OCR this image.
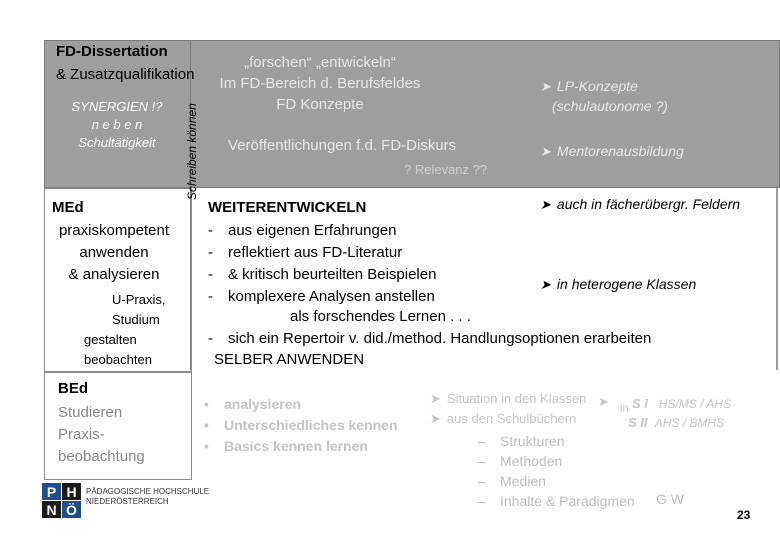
FD-Dissertation
& Zusatzqualifikation
SYNERGIEN !?
n e b e n
Schultätigkeit	Schreiben können
„forschen“ „entwickeln“
Im FD-Bereich d. Berufsfeldes
FD Konzepte
Veröffentlichungen f.d. FD-Diskurs
? Relevanz ??
➤ LP-Konzepte
(schulautonome ?)
➤ Mentorenausbildung
MEd
praxiskompetent
anwenden
& analysieren
U-Praxis,
Studium
gestalten
beobachten
WEITERENTWICKELN
- aus eigenen Erfahrungen
- reflektiert aus FD-Literatur
- & kritisch beurteilten Beispielen
- komplexere Analysen anstellen
als forschendes Lernen . . .
- sich ein Repertoir v. did./method. Handlungsoptionen erarbeiten
SELBER ANWENDEN
➤ auch in fächerübergr. Feldern
➤ in heterogene Klassen
BEd
Studieren
Praxis-
beobachtung
• analysieren
• Unterschiedliches kennen
• Basics kennen lernen
➤ Situation in den Klassen
➤ aus den Schulbüchern
➤ in S I HS/MS / AHS
S II AHS / BMHS
– Strukturen
– Methoden
– Medien
– Inhalte & Paradigmen G W
23
P H
N Ö
PÄDAGOGISCHE HOCHSCHULE
NIEDERÖSTERREICH
